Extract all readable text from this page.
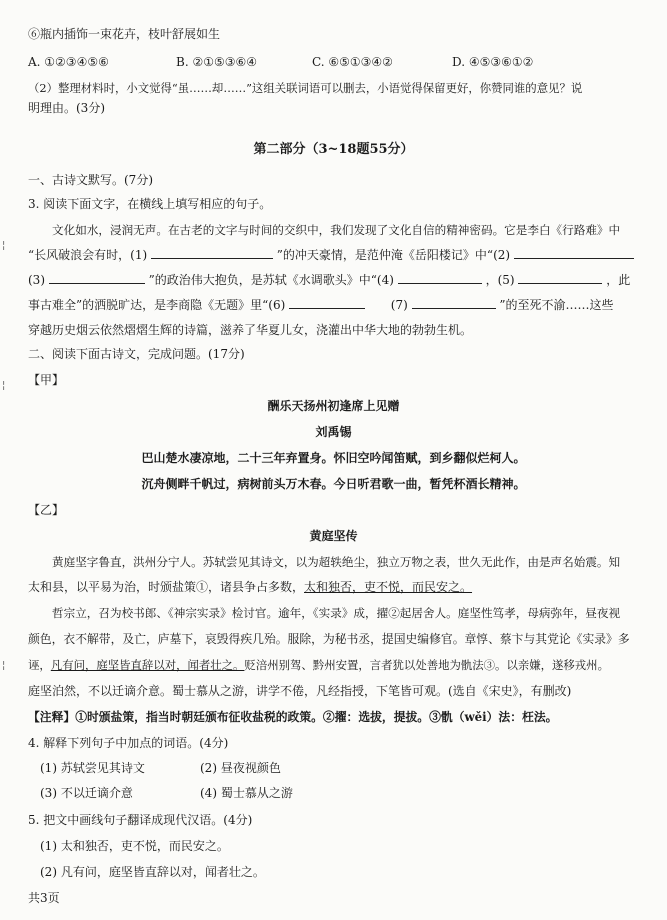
⑥瓶内插饰一束花卉，枝叶舒展如生
A. ①②③④⑤⑥	B. ②①⑤③⑥④	C. ⑥⑤①③④②	D. ④⑤③⑥①②
（2）整理材料时，小文觉得“虽……却……”这组关联词语可以删去，小语觉得保留更好，你赞同谁的意见？说
明理由。(3分)
第二部分（3~18题55分）
一、古诗文默写。(7分)
3. 阅读下面文字，在横线上填写相应的句子。
文化如水，浸润无声。在古老的文字与时间的交织中，我们发现了文化自信的精神密码。它是李白《行路难》中
“长风破浪会有时，(1)	”的冲天豪情，是范仲淹《岳阳楼记》中“(2)
(3)	”的政治伟大抱负，是苏轼《水调歌头》中“(4)	，(5)	，此
事古难全”的洒脱旷达，是李商隐《无题》里“(6)	(7)	”的至死不渝……这些
穿越历史烟云依然熠熠生辉的诗篇，滋养了华夏儿女，浇灌出中华大地的勃勃生机。
二、阅读下面古诗文，完成问题。(17分)
【甲】
酬乐天扬州初逢席上见赠
刘禹锡
巴山楚水凄凉地，二十三年弃置身。怀旧空吟闻笛赋，到乡翻似烂柯人。
沉舟侧畔千帆过，病树前头万木春。今日听君歌一曲，暂凭杯酒长精神。
【乙】
黄庭坚传
黄庭坚字鲁直，洪州分宁人。苏轼尝见其诗文，以为超轶绝尘，独立万物之表，世久无此作，由是声名始震。知
太和县，以平易为治，时颁盐策①，诸县争占多数，太和独否，吏不悦，而民安之。
哲宗立，召为校书郎、《神宗实录》检讨官。逾年，《实录》成，擢②起居舍人。庭坚性笃孝，母病弥年，昼夜视
颜色，衣不解带，及亡，庐墓下，哀毁得疾几殆。服除，为秘书丞，提国史编修官。章惇、蔡卞与其党论《实录》多
诬，凡有问，庭坚皆直辞以对，闻者壮之。贬涪州别驾、黔州安置，言者犹以处善地为骩法③。以亲嫌，遂移戎州。
庭坚泊然，不以迁谪介意。蜀士慕从之游，讲学不倦，凡经指授，下笔皆可观。(选自《宋史》，有删改)
【注释】①时颁盐策，指当时朝廷颁布征收盐税的政策。②擢：选拔，提拔。③骩（wěi）法：枉法。
4. 解释下列句子中加点的词语。(4分)
(1) 苏轼尝见其诗文	(2) 昼夜视颜色
(3) 不以迁谪介意	(4) 蜀士慕从之游
5. 把文中画线句子翻译成现代汉语。(4分)
(1) 太和独否，吏不悦，而民安之。
(2) 凡有问，庭坚皆直辞以对，闻者壮之。
共3页
¦
¦
¦
